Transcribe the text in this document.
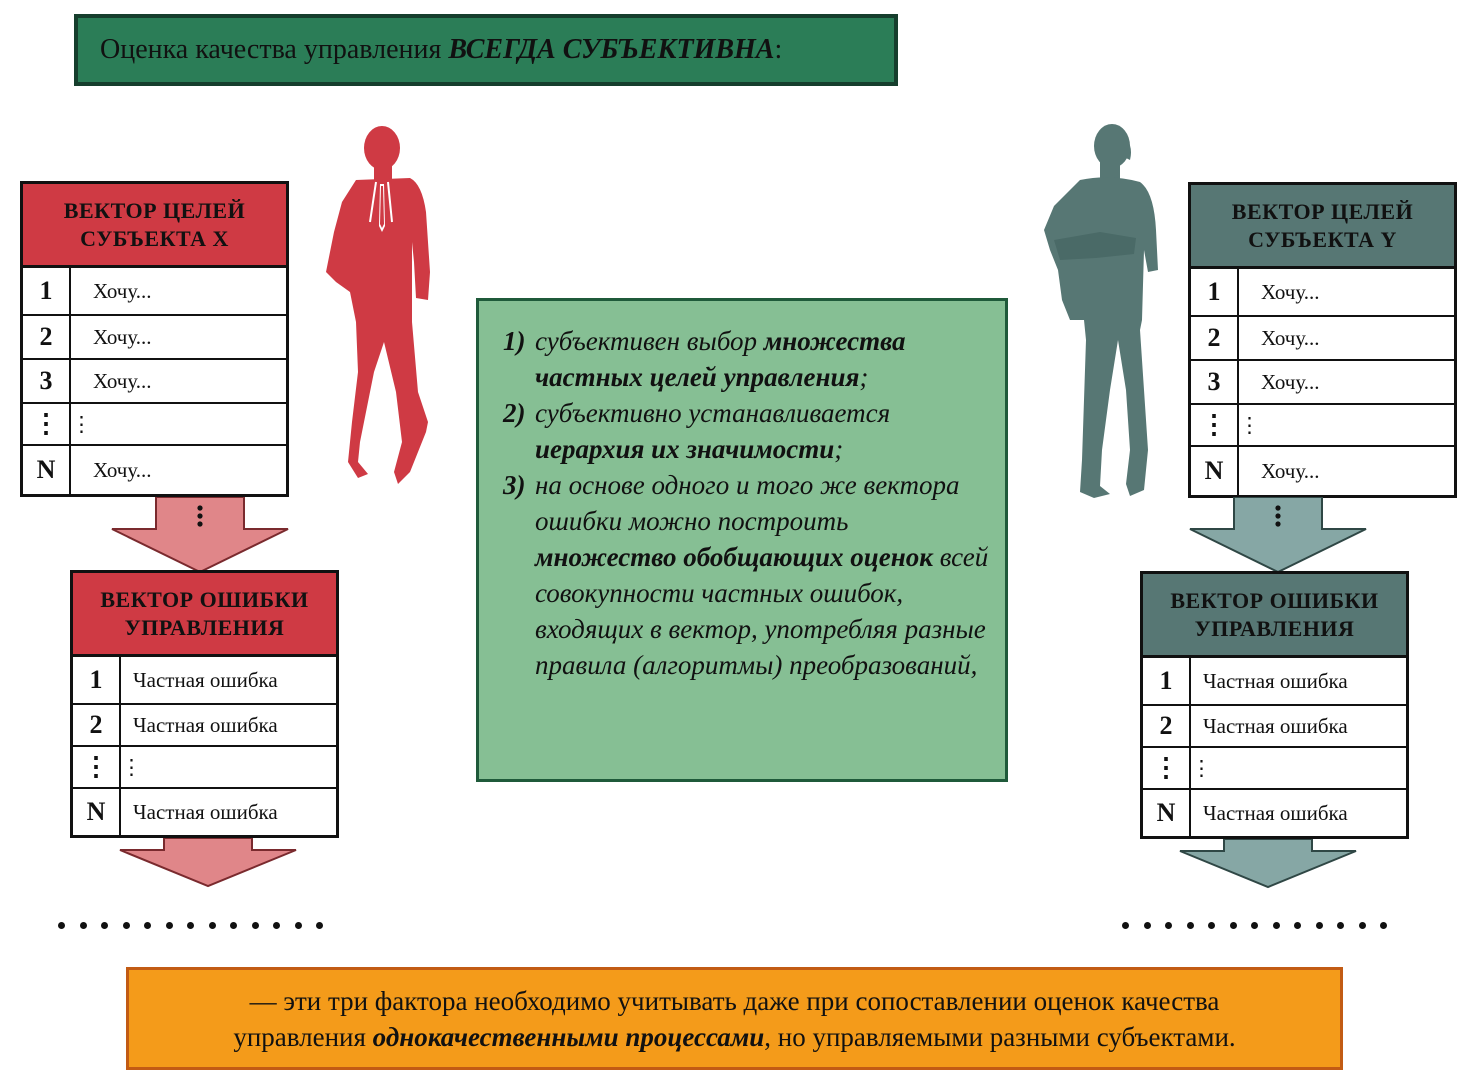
Оценка качества управления
ВСЕГДА СУБЪЕКТИВНА :
ВЕКТОР ЦЕЛЕЙ
СУБЪЕКТА X
1	Хочу...
2	Хочу...
3	Хочу...
⋮ ⋮
N	Хочу...
ВЕКТОР ОШИБКИ
УПРАВЛЕНИЯ
1	Частная ошибка
2	Частная ошибка
⋮ ⋮
N	Частная ошибка
1) субъективен выбор множества частных целей управления;
2) субъективно устанавливается иерархия их значимости;
3) на основе одного и того же вектора ошибки можно построить множество обобщающих оценок всей совокупности частных ошибок, входящих в вектор, употребляя разные правила (алгоритмы) преобразований,
ВЕКТОР ЦЕЛЕЙ
СУБЪЕКТА Y
1	Хочу...
2	Хочу...
3	Хочу...
⋮ ⋮
N	Хочу...
ВЕКТОР ОШИБКИ
УПРАВЛЕНИЯ
1	Частная ошибка
2	Частная ошибка
⋮ ⋮
N	Частная ошибка
— эти три фактора необходимо учитывать даже при сопоставлении оценок качества
управления однокачественными процессами, но управляемыми разными субъектами.
